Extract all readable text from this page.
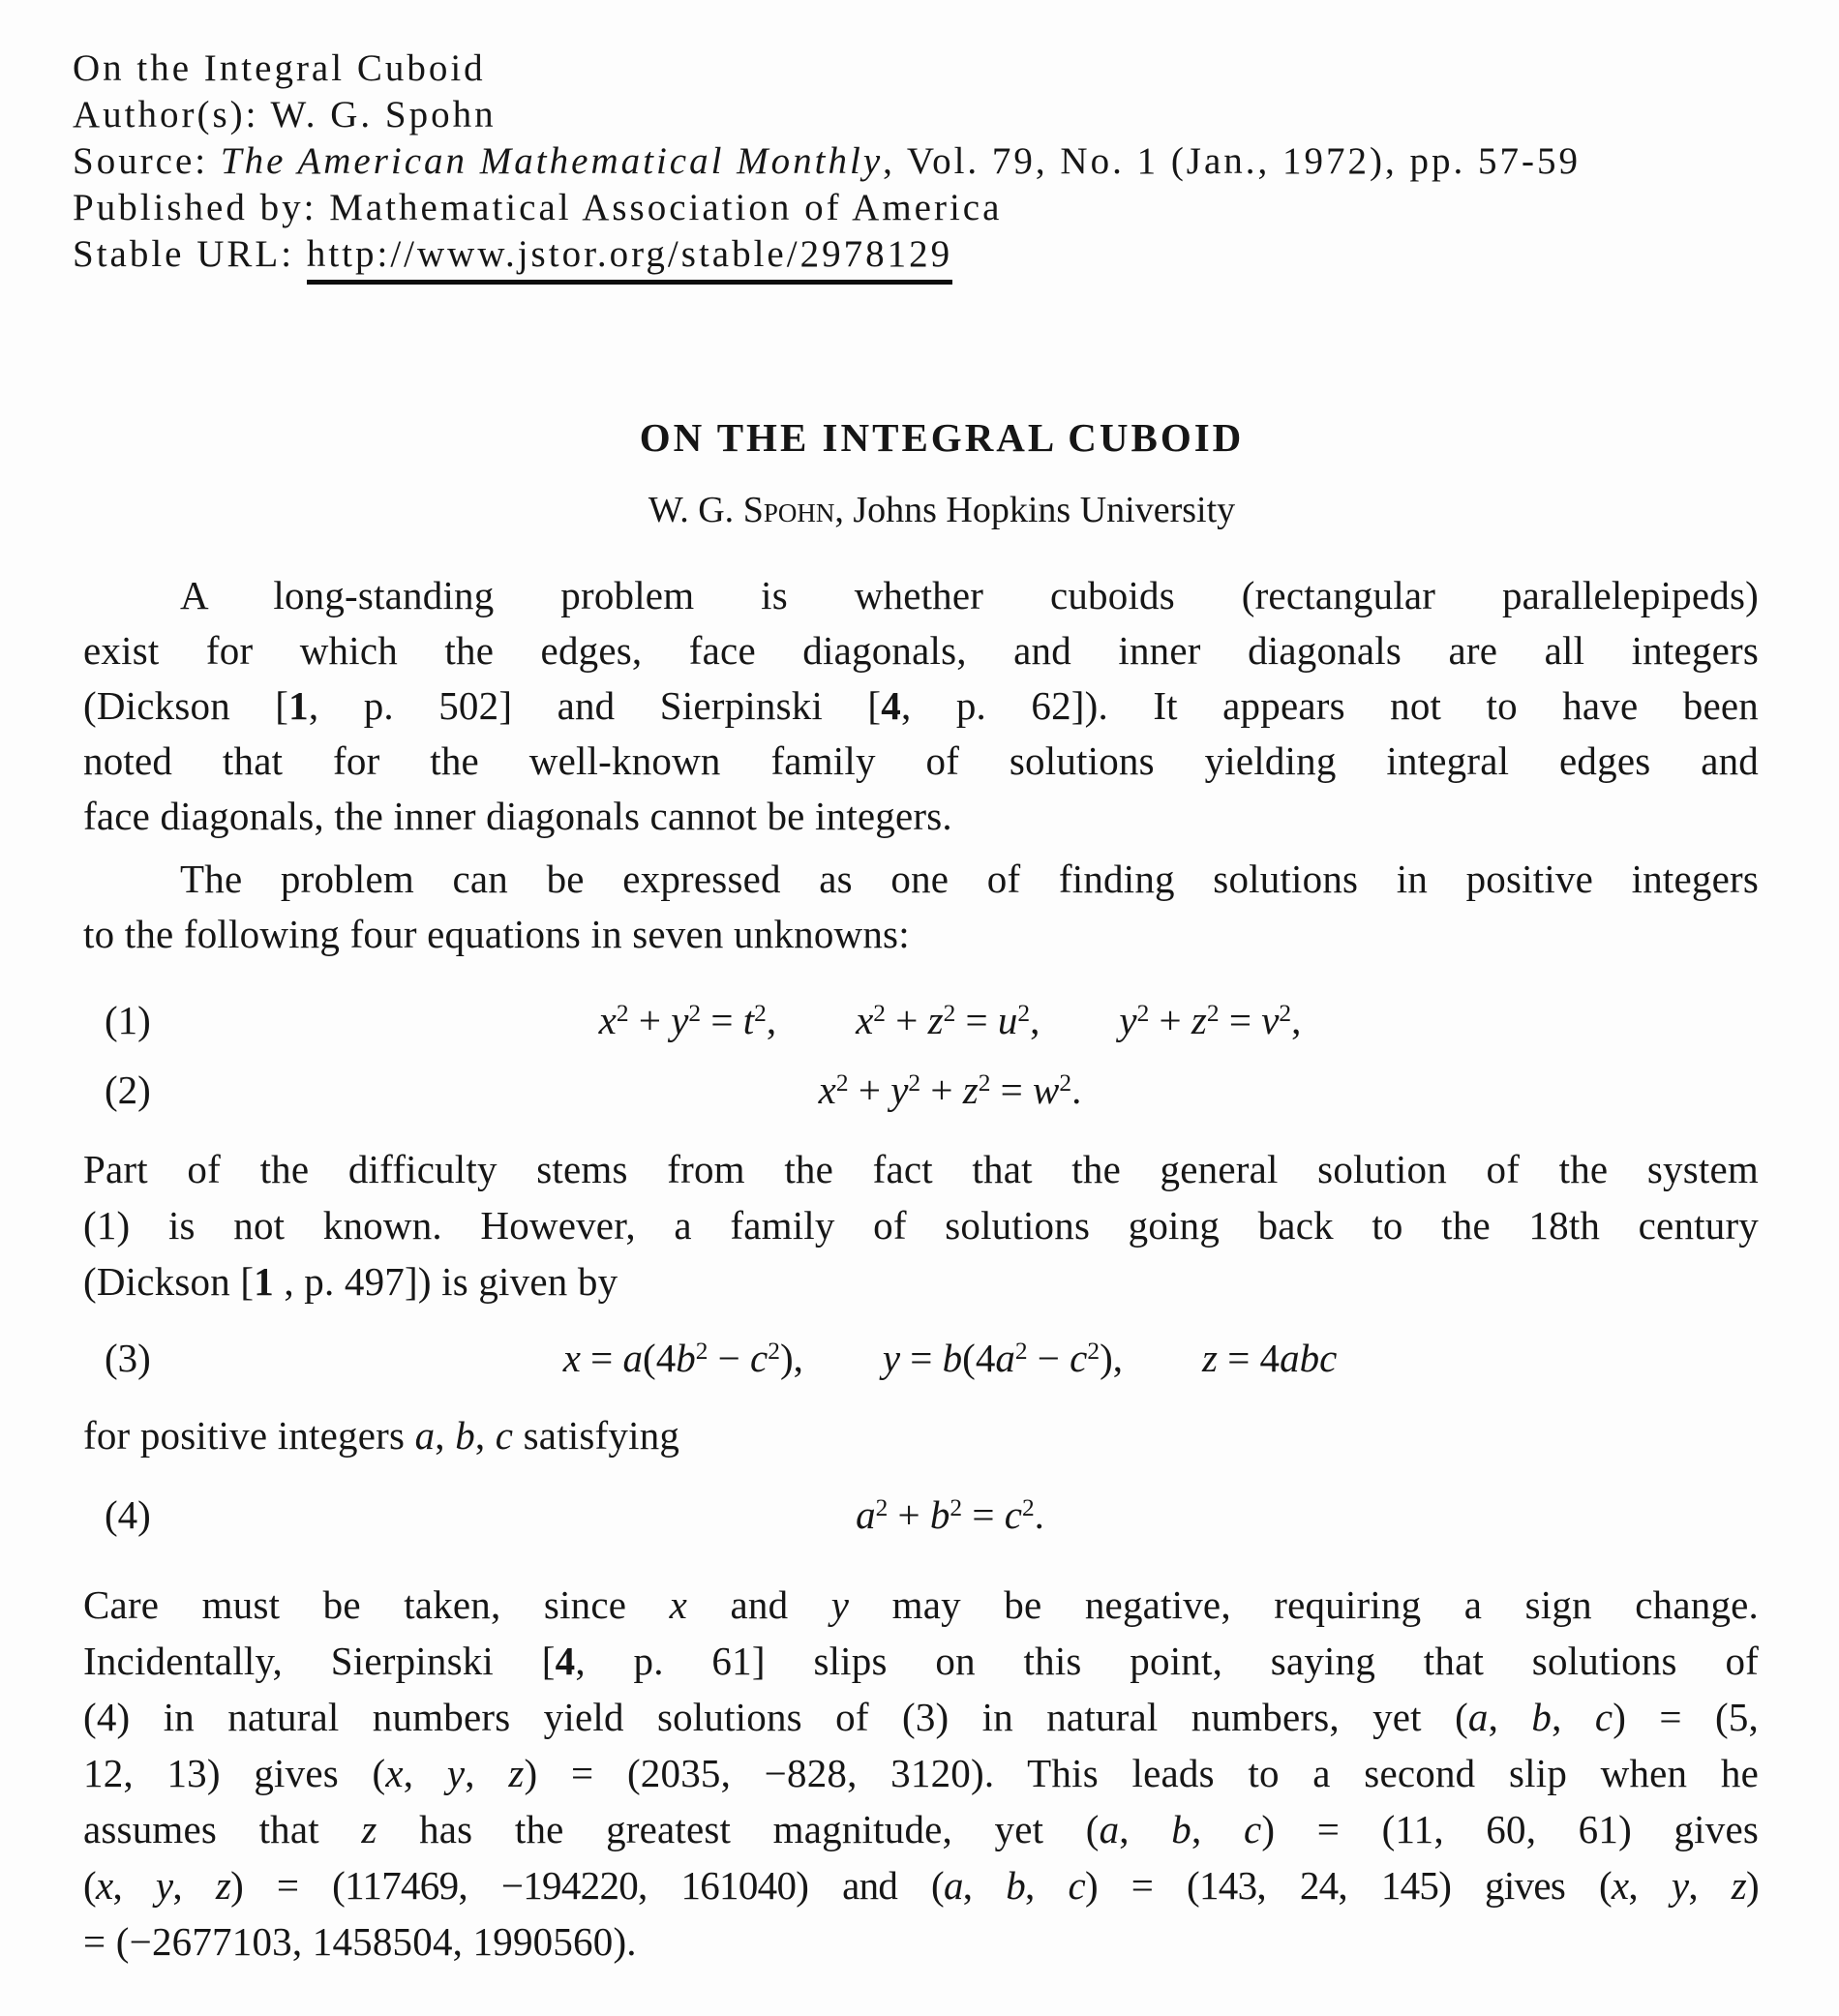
On the Integral Cuboid
Author(s): W. G. Spohn
Source: The American Mathematical Monthly, Vol. 79, No. 1 (Jan., 1972), pp. 57-59
Published by: Mathematical Association of America
Stable URL: http://www.jstor.org/stable/2978129
ON THE INTEGRAL CUBOID
W. G. Spohn, Johns Hopkins University
A long-standing problem is whether cuboids (rectangular parallelepipeds)
exist for which the edges, face diagonals, and inner diagonals are all integers
(Dickson [1, p. 502] and Sierpinski [4, p. 62]). It appears not to have been
noted that for the well-known family of solutions yielding integral edges and
face diagonals, the inner diagonals cannot be integers.
The problem can be expressed as one of finding solutions in positive integers
to the following four equations in seven unknowns:
(1)	$x^2 + y^2 = t^2$,  $x^2 + z^2 = u^2$,  $y^2 + z^2 = v^2$,
(2)	$x^2 + y^2 + z^2 = w^2$.
Part of the difficulty stems from the fact that the general solution of the system
(1) is not known. However, a family of solutions going back to the 18th century
(Dickson [1 , p. 497]) is given by
(3)	$x = a(4b^2 - c^2)$,  $y = b(4a^2 - c^2)$,  z = 4abc
for positive integers a, b, c satisfying
(4)	$a^2 + b^2 = c^2$.
Care must be taken, since x and y may be negative, requiring a sign change.
Incidentally, Sierpinski [4, p. 61] slips on this point, saying that solutions of
(4) in natural numbers yield solutions of (3) in natural numbers, yet (a, b, c) = (5,
12, 13) gives (x, y, z) = (2035, −828, 3120). This leads to a second slip when he
assumes that z has the greatest magnitude, yet (a, b, c) = (11, 60, 61) gives
(x, y, z) = (117469, −194220, 161040) and (a, b, c) = (143, 24, 145) gives (x, y, z)
= (−2677103, 1458504, 1990560).
